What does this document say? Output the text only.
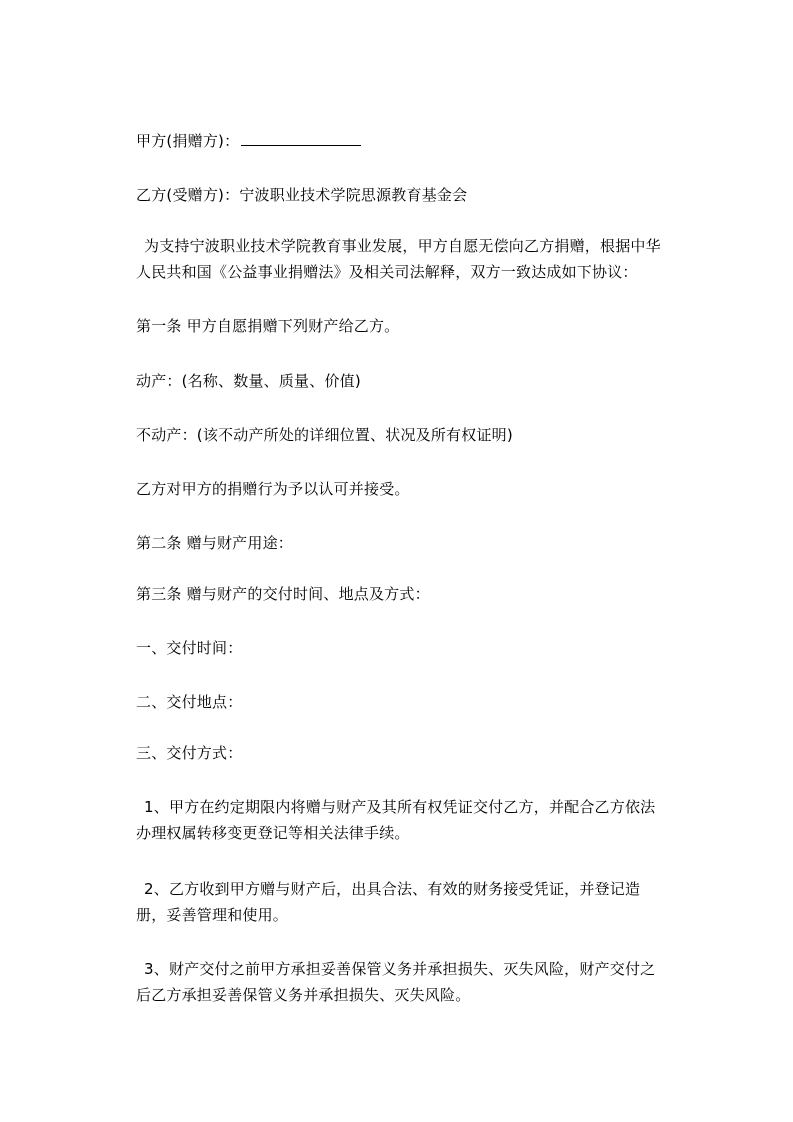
甲方(捐赠方)：
乙方(受赠方)：宁波职业技术学院思源教育基金会
为支持宁波职业技术学院教育事业发展，甲方自愿无偿向乙方捐赠，根据中华人民共和国《公益事业捐赠法》及相关司法解释，双方一致达成如下协议：
第一条 甲方自愿捐赠下列财产给乙方。
动产：(名称、数量、质量、价值)
不动产：(该不动产所处的详细位置、状况及所有权证明)
乙方对甲方的捐赠行为予以认可并接受。
第二条 赠与财产用途：
第三条 赠与财产的交付时间、地点及方式：
一、交付时间：
二、交付地点：
三、交付方式：
1、甲方在约定期限内将赠与财产及其所有权凭证交付乙方，并配合乙方依法办理权属转移变更登记等相关法律手续。
2、乙方收到甲方赠与财产后，出具合法、有效的财务接受凭证，并登记造册，妥善管理和使用。
3、财产交付之前甲方承担妥善保管义务并承担损失、灭失风险，财产交付之后乙方承担妥善保管义务并承担损失、灭失风险。
